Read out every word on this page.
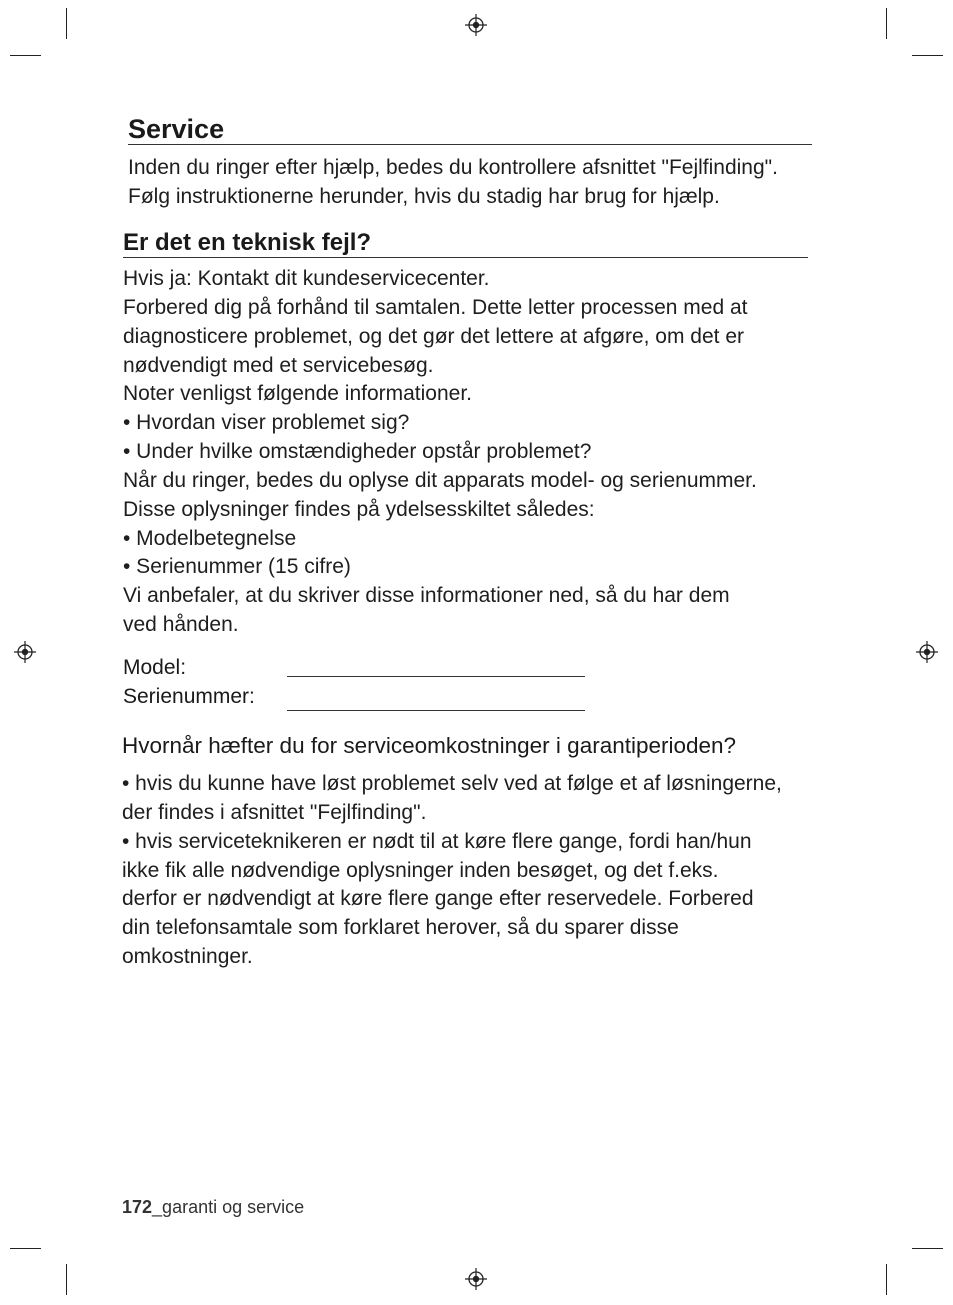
Service
Inden du ringer efter hjælp, bedes du kontrollere afsnittet "Fejlfinding".
Følg instruktionerne herunder, hvis du stadig har brug for hjælp.
Er det en teknisk fejl?
Hvis ja: Kontakt dit kundeservicecenter.
Forbered dig på forhånd til samtalen. Dette letter processen med at
diagnosticere problemet, og det gør det lettere at afgøre, om det er
nødvendigt med et servicebesøg.
Noter venligst følgende informationer.
• Hvordan viser problemet sig?
• Under hvilke omstændigheder opstår problemet?
Når du ringer, bedes du oplyse dit apparats model- og serienummer.
Disse oplysninger findes på ydelsesskiltet således:
• Modelbetegnelse
• Serienummer (15 cifre)
Vi anbefaler, at du skriver disse informationer ned, så du har dem
ved hånden.
Model:
Serienummer:
Hvornår hæfter du for serviceomkostninger i garantiperioden?
• hvis du kunne have løst problemet selv ved at følge et af løsningerne,
der findes i afsnittet "Fejlfinding".
• hvis serviceteknikeren er nødt til at køre flere gange, fordi han/hun
ikke fik alle nødvendige oplysninger inden besøget, og det f.eks.
derfor er nødvendigt at køre flere gange efter reservedele. Forbered
din telefonsamtale som forklaret herover, så du sparer disse
omkostninger.
172_garanti og service
